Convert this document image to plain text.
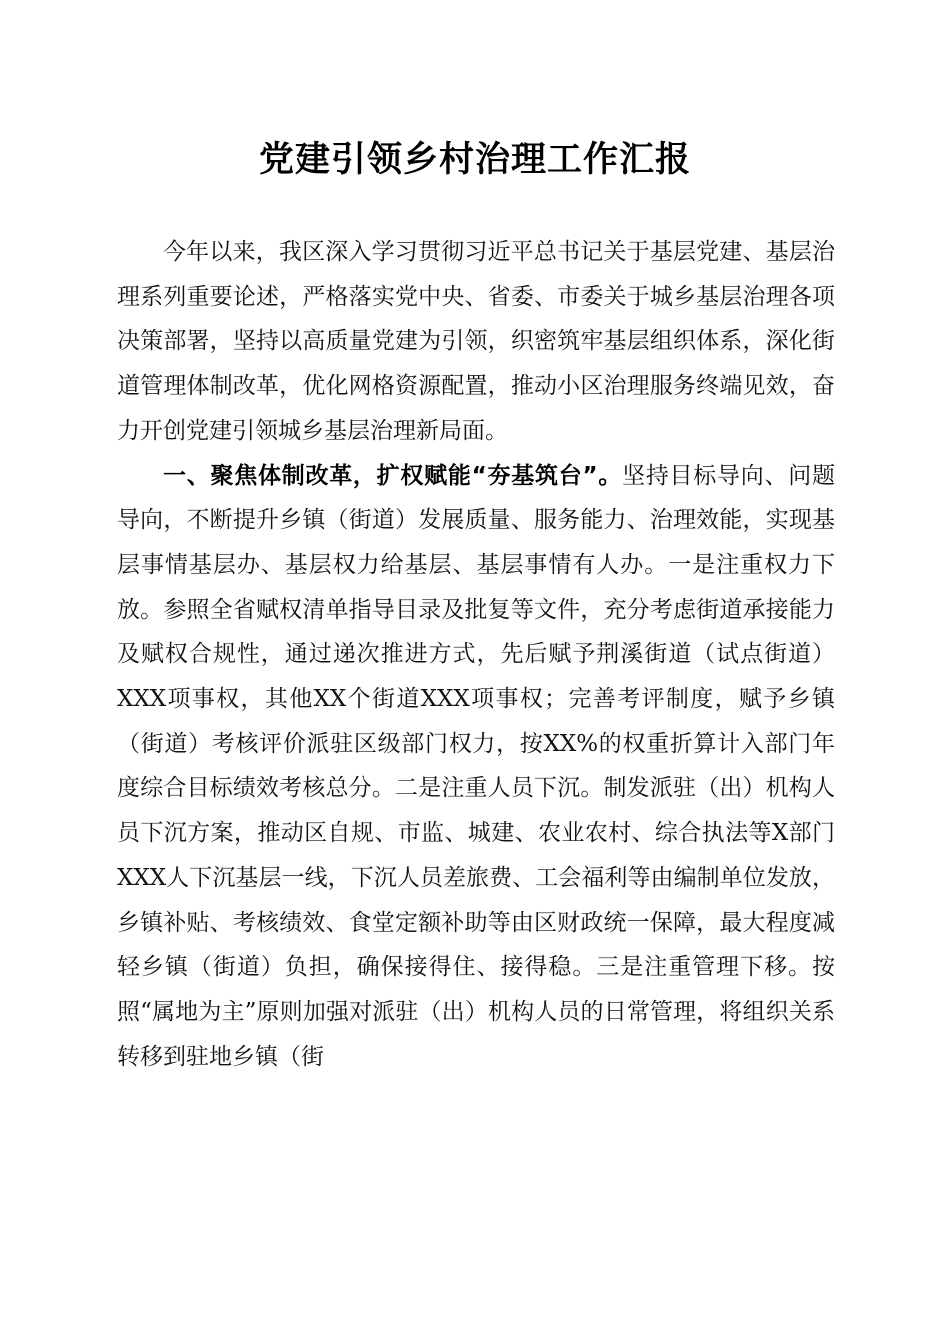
党建引领乡村治理工作汇报

今年以来，我区深入学习贯彻习近平总书记关于基层党建、基层治理系列重要论述，严格落实党中央、省委、市委关于城乡基层治理各项决策部署，坚持以高质量党建为引领，织密筑牢基层组织体系，深化街道管理体制改革，优化网格资源配置，推动小区治理服务终端见效，奋力开创党建引领城乡基层治理新局面。

一、聚焦体制改革，扩权赋能“夯基筑台”。坚持目标导向、问题导向，不断提升乡镇（街道）发展质量、服务能力、治理效能，实现基层事情基层办、基层权力给基层、基层事情有人办。一是注重权力下放。参照全省赋权清单指导目录及批复等文件，充分考虑街道承接能力及赋权合规性，通过递次推进方式，先后赋予荆溪街道（试点街道）XXX项事权，其他XX个街道XXX项事权；完善考评制度，赋予乡镇（街道）考核评价派驻区级部门权力，按XX%的权重折算计入部门年度综合目标绩效考核总分。二是注重人员下沉。制发派驻（出）机构人员下沉方案，推动区自规、市监、城建、农业农村、综合执法等X部门XXX人下沉基层一线，下沉人员差旅费、工会福利等由编制单位发放，乡镇补贴、考核绩效、食堂定额补助等由区财政统一保障，最大程度减轻乡镇（街道）负担，确保接得住、接得稳。三是注重管理下移。按照“属地为主”原则加强对派驻（出）机构人员的日常管理，将组织关系转移到驻地乡镇（街
